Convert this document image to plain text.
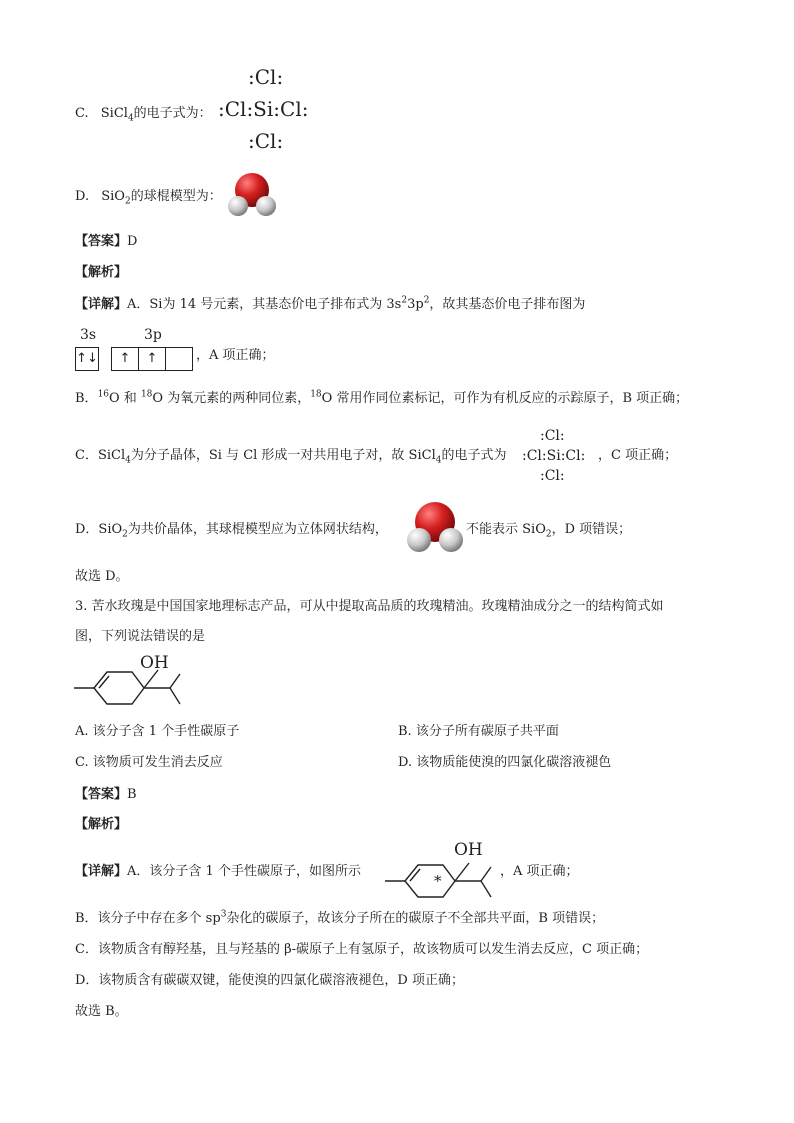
C. SiCl$_4$的电子式为：
:Cl:
:Cl:Si:Cl:
:Cl:
D. SiO$_2$的球棍模型为：
【答案】D
【解析】
【详解】A．Si为 14 号元素，其基态价电子排布式为 $3s^23p^2$，故其基态价电子排布图为
3s	3p
↑↓	↑	↑	，A 项正确；
B．$^{16}$O 和 $^{18}$O 为氧元素的两种同位素，$^{18}$O 常用作同位素标记，可作为有机反应的示踪原子，B 项正确；
C．SiCl$_4$为分子晶体，Si 与 Cl 形成一对共用电子对，故 SiCl$_4$的电子式为
:Cl:
:Cl:Si:Cl:
:Cl:
，C 项正确；
D．SiO$_2$为共价晶体，其球棍模型应为立体网状结构，	不能表示 SiO$_2$，D 项错误；
故选 D。
3. 苦水玫瑰是中国国家地理标志产品，可从中提取高品质的玫瑰精油。玫瑰精油成分之一的结构简式如
图，下列说法错误的是
OH
A. 该分子含 1 个手性碳原子	B. 该分子所有碳原子共平面
C. 该物质可发生消去反应	D. 该物质能使溴的四氯化碳溶液褪色
【答案】B
【解析】
【详解】A．该分子含 1 个手性碳原子，如图所示
OH
*
，A 项正确；
B．该分子中存在多个 $sp^3$杂化的碳原子，故该分子所在的碳原子不全部共平面，B 项错误；
C．该物质含有醇羟基，且与羟基的 β-碳原子上有氢原子，故该物质可以发生消去反应，C 项正确；
D．该物质含有碳碳双键，能使溴的四氯化碳溶液褪色，D 项正确；
故选 B。
